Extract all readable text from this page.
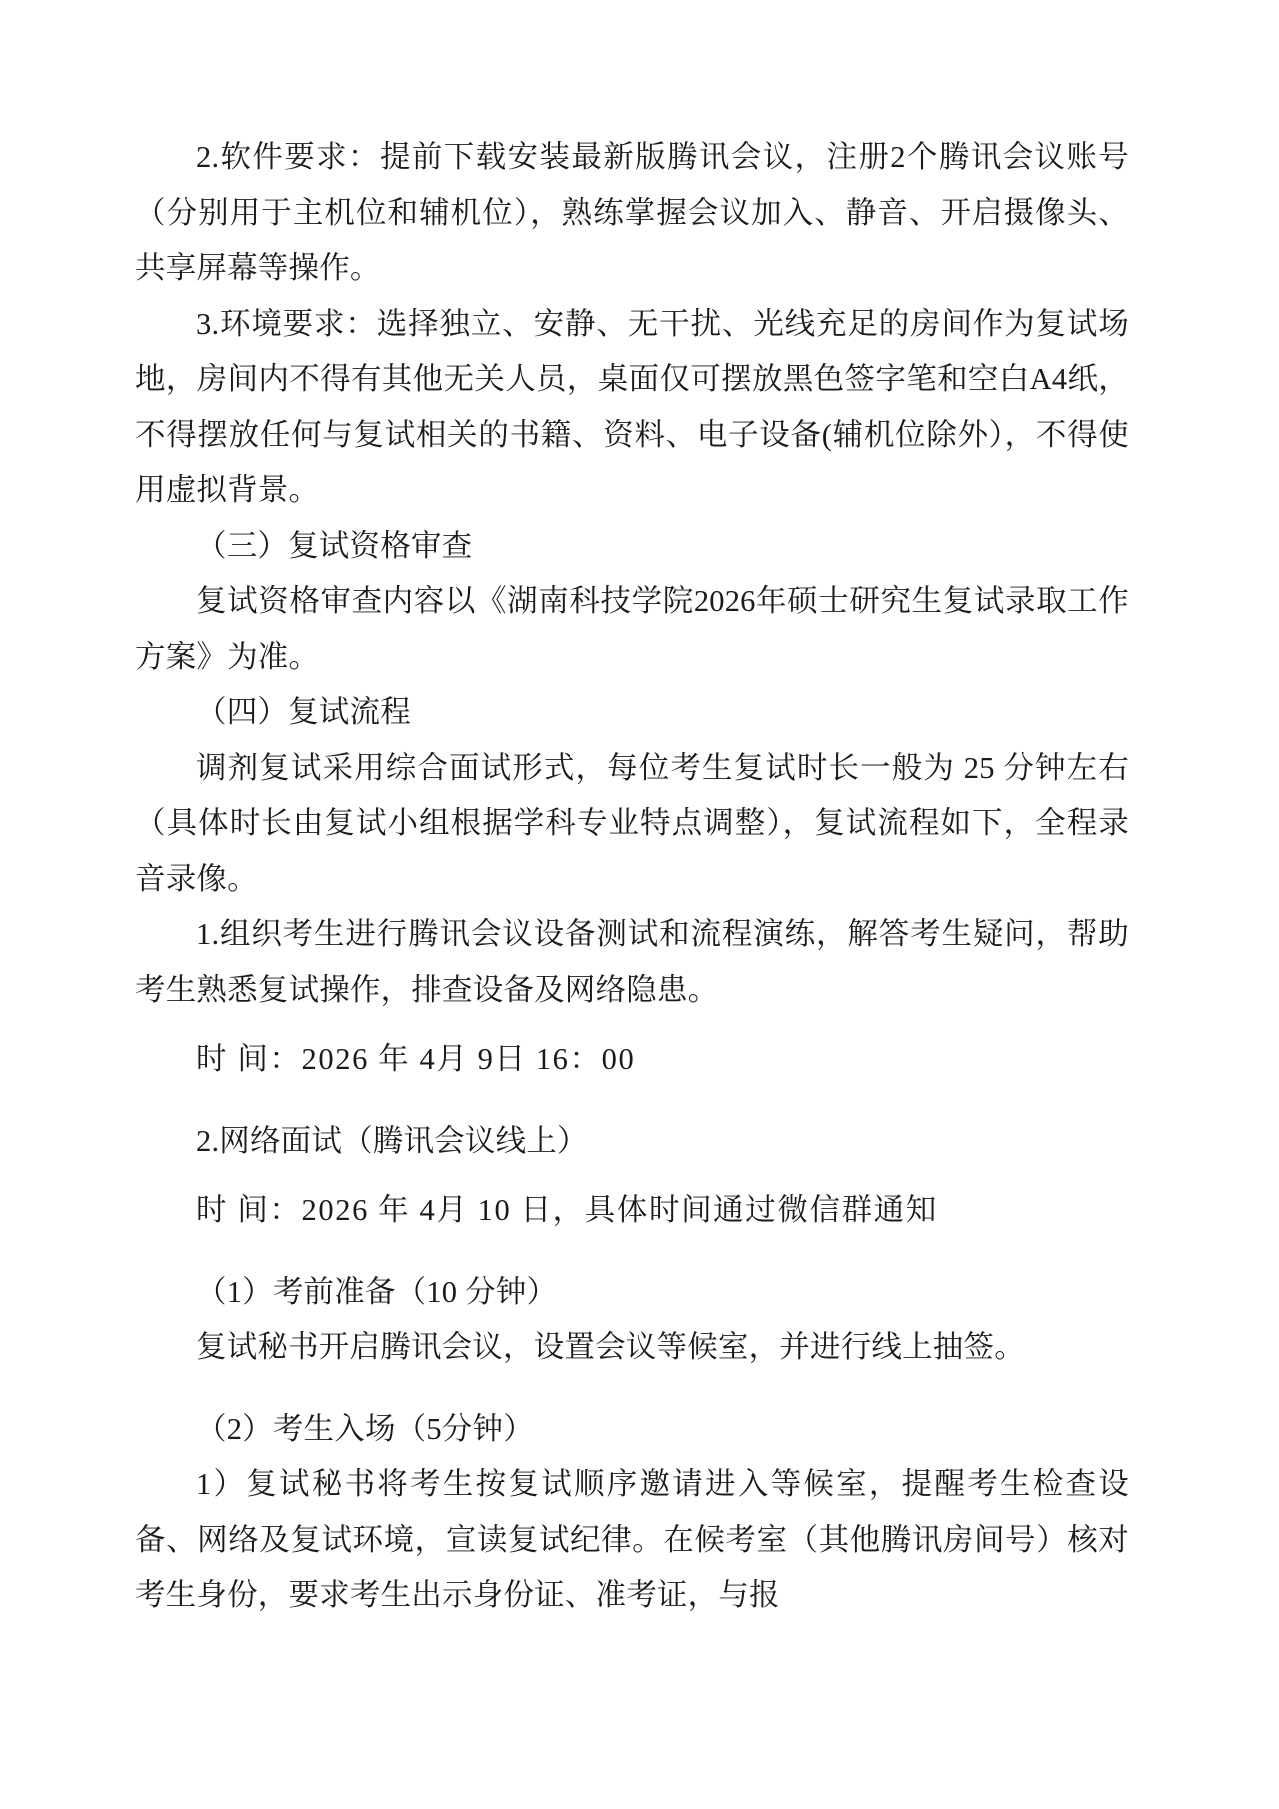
2.软件要求：提前下载安装最新版腾讯会议，注册2个腾讯会议账号（分别用于主机位和辅机位），熟练掌握会议加入、静音、开启摄像头、共享屏幕等操作。

3.环境要求：选择独立、安静、无干扰、光线充足的房间作为复试场地，房间内不得有其他无关人员，桌面仅可摆放黑色签字笔和空白A4纸，不得摆放任何与复试相关的书籍、资料、电子设备(辅机位除外），不得使用虚拟背景。

（三）复试资格审查

复试资格审查内容以《湖南科技学院2026年硕士研究生复试录取工作方案》为准。

（四）复试流程

调剂复试采用综合面试形式，每位考生复试时长一般为 25 分钟左右（具体时长由复试小组根据学科专业特点调整），复试流程如下，全程录音录像。

1.组织考生进行腾讯会议设备测试和流程演练，解答考生疑问，帮助考生熟悉复试操作，排查设备及网络隐患。

时 间：2026 年 4月 9日 16：00

2.网络面试（腾讯会议线上）

时 间：2026 年 4月 10 日，具体时间通过微信群通知

（1）考前准备（10 分钟）

复试秘书开启腾讯会议，设置会议等候室，并进行线上抽签。

（2）考生入场（5分钟）

1）复试秘书将考生按复试顺序邀请进入等候室，提醒考生检查设备、网络及复试环境，宣读复试纪律。在候考室（其他腾讯房间号）核对考生身份，要求考生出示身份证、准考证，与报
